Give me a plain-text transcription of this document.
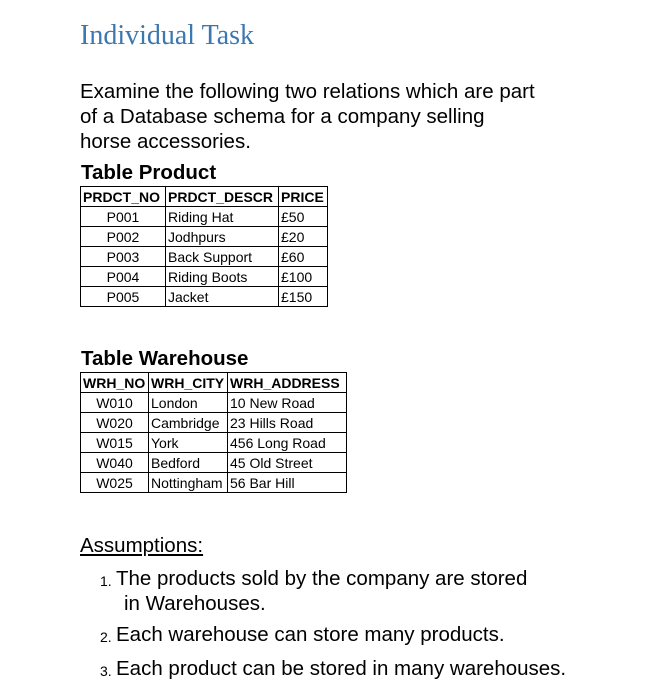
Individual Task

Examine the following two relations which are part
of a Database schema for a company selling
horse accessories.

Table Product
PRDCT_NO	PRDCT_DESCR	PRICE
P001	Riding Hat	£50
P002	Jodhpurs	£20
P003	Back Support	£60
P004	Riding Boots	£100
P005	Jacket	£150
Table Warehouse
WRH_NO	WRH_CITY	WRH_ADDRESS
W010	London	10 New Road
W020	Cambridge	23 Hills Road
W015	York	456 Long Road
W040	Bedford	45 Old Street
W025	Nottingham	56 Bar Hill
Assumptions:
1. The products sold by the company are stored
in Warehouses.
2. Each warehouse can store many products.
3. Each product can be stored in many warehouses.
